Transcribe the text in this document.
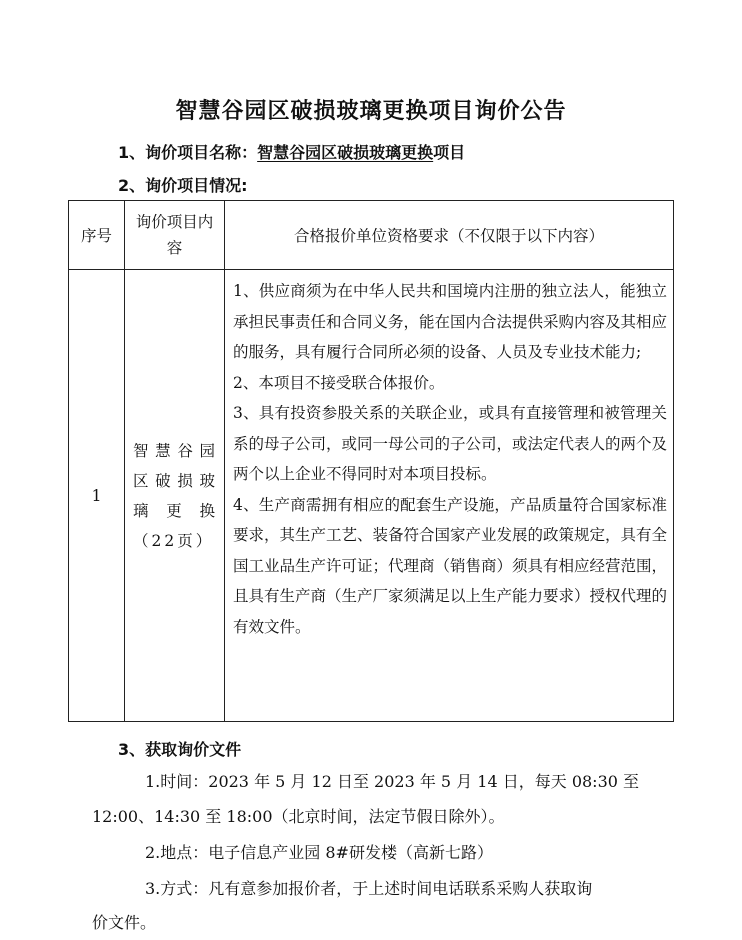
智慧谷园区破损玻璃更换项目询价公告
1、询价项目名称：智慧谷园区破损玻璃更换项目
2、询价项目情况:
序号	询价项目内容	合格报价单位资格要求（不仅限于以下内容）
1	智慧谷园区破损玻璃更换（22页）	1、供应商须为在中华人民共和国境内注册的独立法人，能独立承担民事责任和合同义务，能在国内合法提供采购内容及其相应的服务，具有履行合同所必须的设备、人员及专业技术能力;

2、本项目不接受联合体报价。

3、具有投资参股关系的关联企业，或具有直接管理和被管理关系的母子公司，或同一母公司的子公司，或法定代表人的两个及两个以上企业不得同时对本项目投标。

4、生产商需拥有相应的配套生产设施，产品质量符合国家标准要求，其生产工艺、装备符合国家产业发展的政策规定，具有全国工业品生产许可证；代理商（销售商）须具有相应经营范围，且具有生产商（生产厂家须满足以上生产能力要求）授权代理的有效文件。

3、获取询价文件
1.时间：2023 年 5 月 12 日至 2023 年 5 月 14 日，每天 08:30 至
12:00、14:30 至 18:00（北京时间，法定节假日除外）。
2.地点：电子信息产业园 8#研发楼（高新七路）
3.方式：凡有意参加报价者，于上述时间电话联系采购人获取询
价文件。
